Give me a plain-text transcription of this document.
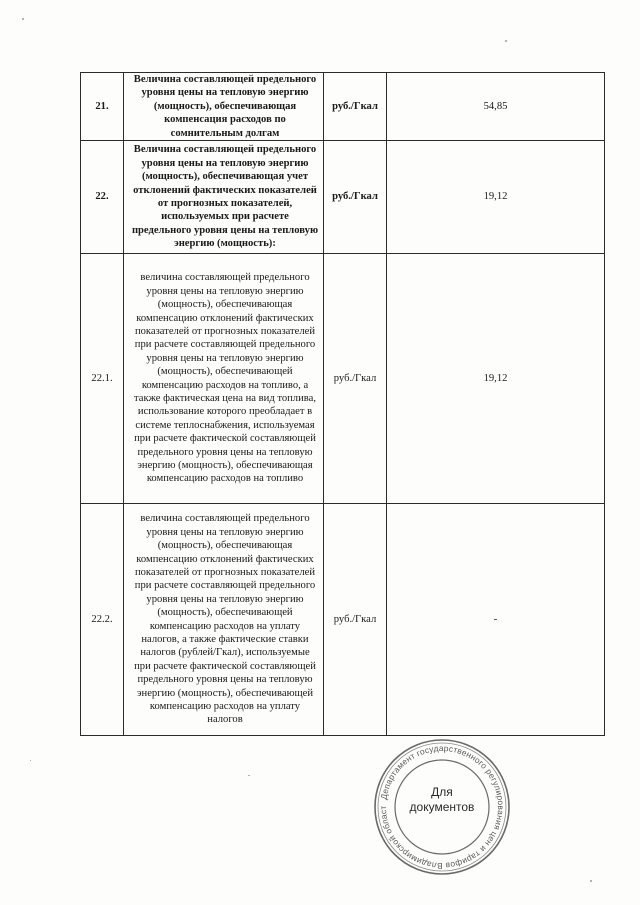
21.	Величина составляющей предельного уровня цены на тепловую энергию (мощность), обеспечивающая компенсация расходов по сомнительным долгам	руб./Гкал	54,85
22.	Величина составляющей предельного уровня цены на тепловую энергию (мощность), обеспечивающая учет отклонений фактических показателей от прогнозных показателей, используемых при расчете предельного уровня цены на тепловую энергию (мощность):	руб./Гкал	19,12
22.1.	величина составляющей предельного уровня цены на тепловую энергию (мощность), обеспечивающая компенсацию отклонений фактических показателей от прогнозных показателей при расчете составляющей предельного уровня цены на тепловую энергию (мощность), обеспечивающей компенсацию расходов на топливо, а также фактическая цена на вид топлива, использование которого преобладает в системе теплоснабжения, используемая при расчете фактической составляющей предельного уровня цены на тепловую энергию (мощность), обеспечивающая компенсацию расходов на топливо	руб./Гкал	19,12
22.2.	величина составляющей предельного уровня цены на тепловую энергию (мощность), обеспечивающая компенсацию отклонений фактических показателей от прогнозных показателей при расчете составляющей предельного уровня цены на тепловую энергию (мощность), обеспечивающей компенсацию расходов на уплату налогов, а также фактические ставки налогов (рублей/Гкал), используемые при расчете фактической составляющей предельного уровня цены на тепловую энергию (мощность), обеспечивающей компенсацию расходов на уплату налогов	руб./Гкал	-
Департамент государственного регулирования цен и тарифов Владимирской област
Для
документов
